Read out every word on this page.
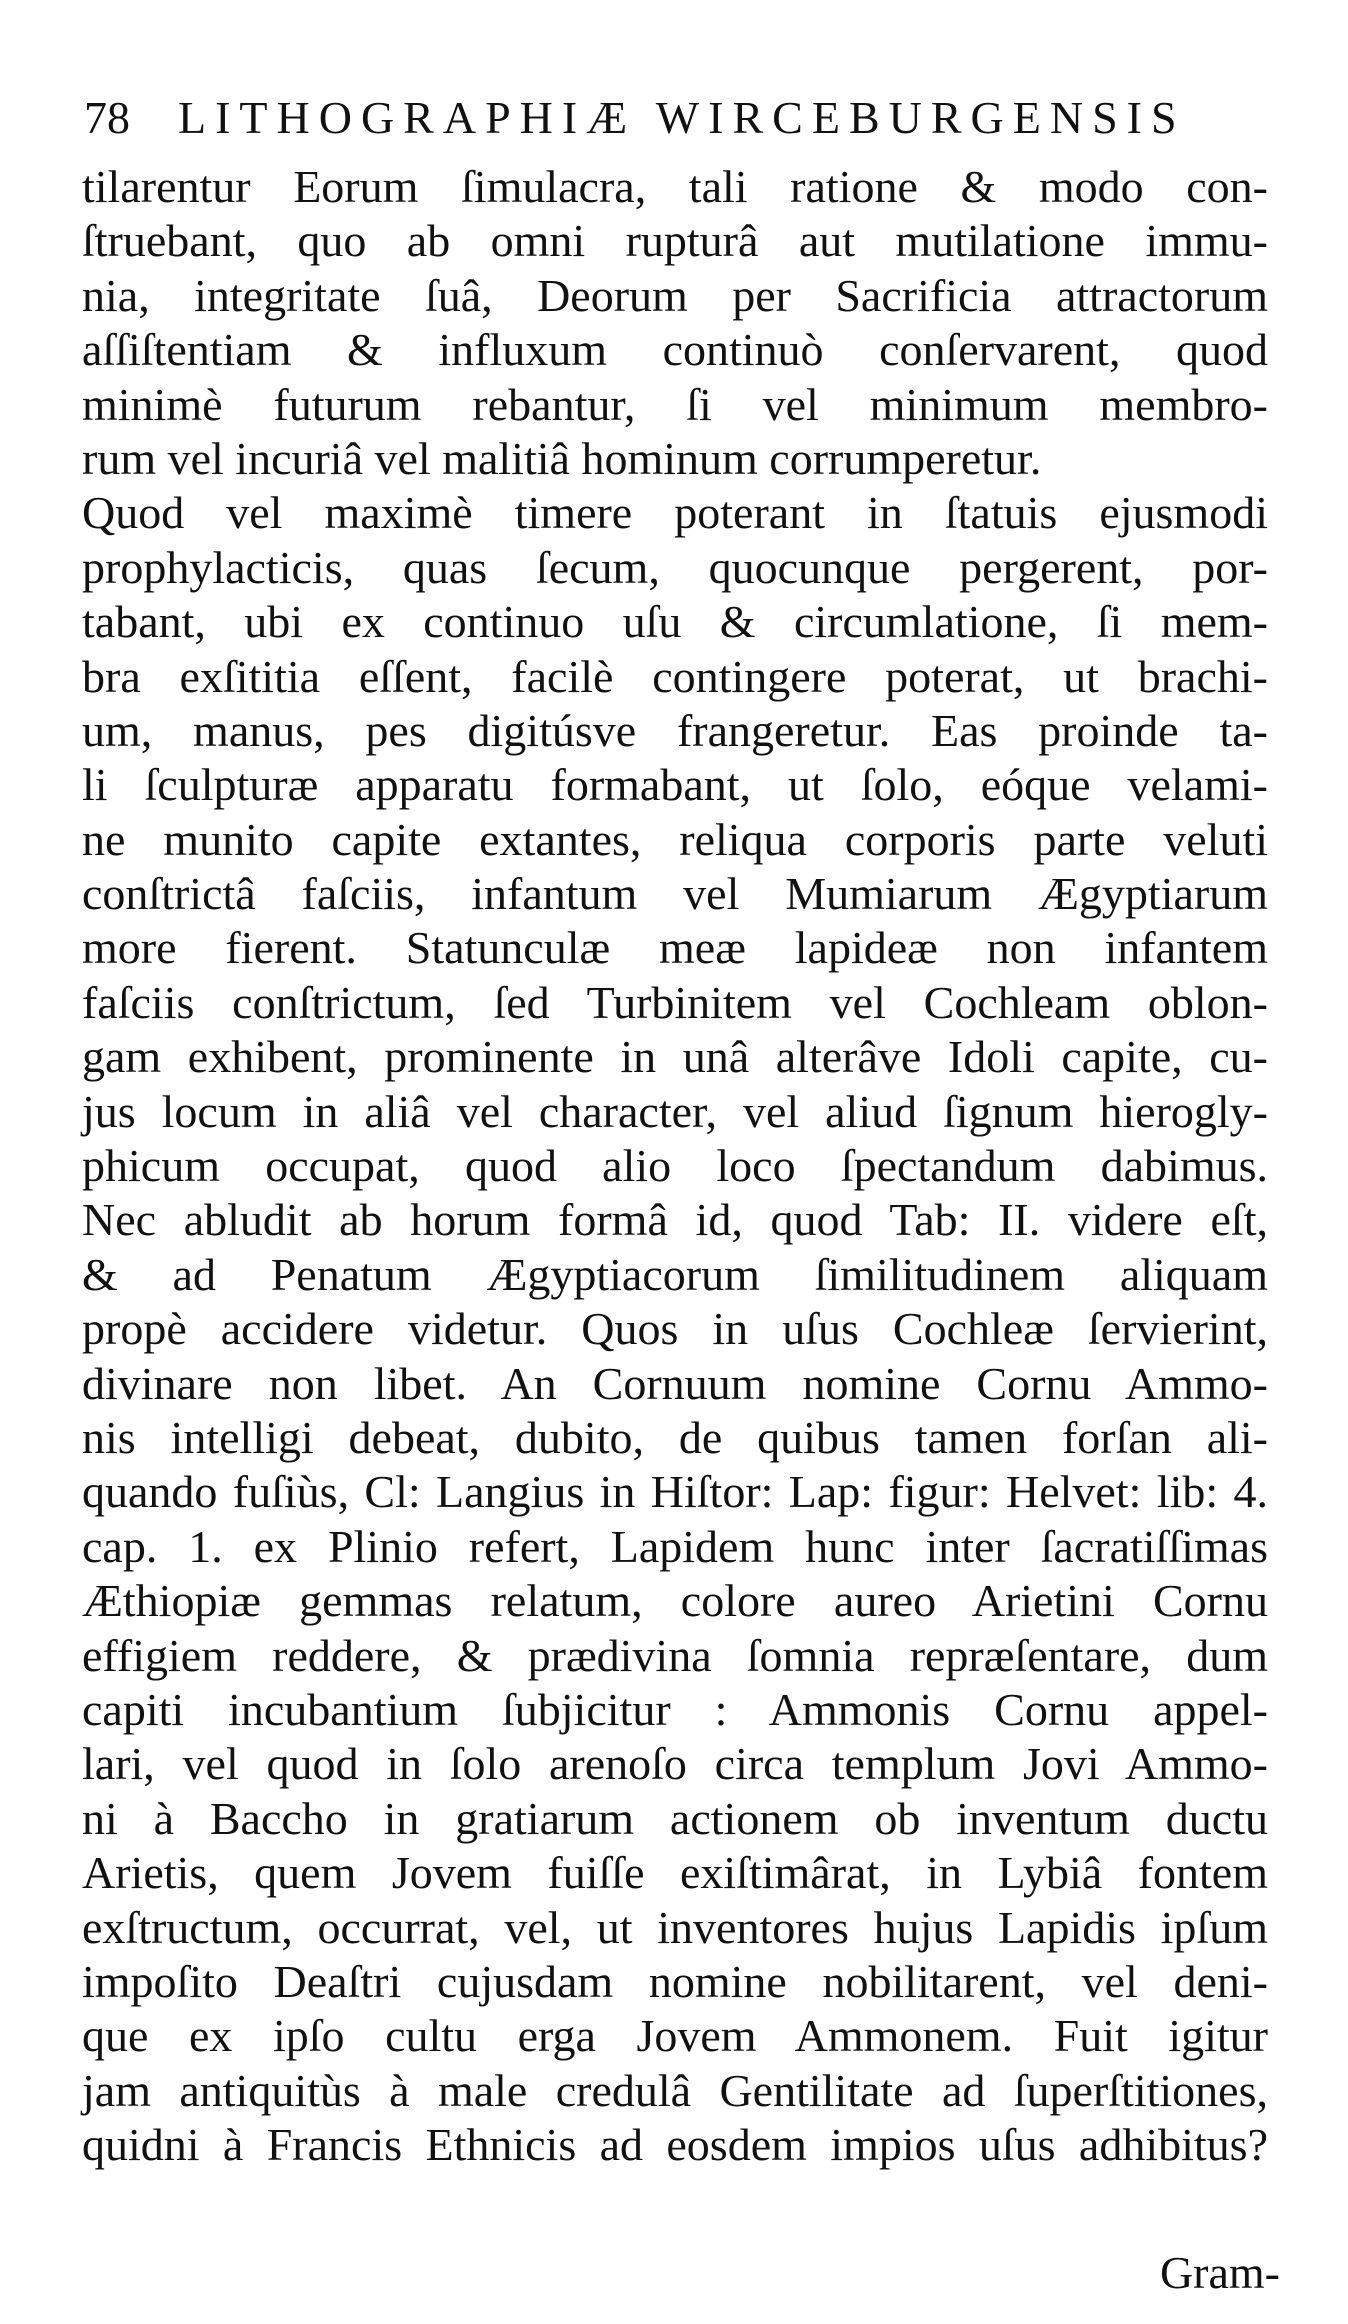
78 LITHOGRAPHIÆ WIRCEBURGENSIS
tilarentur Eorum ſimulacra, tali ratione & modo con-
ſtruebant, quo ab omni rupturâ aut mutilatione immu-
nia, integritate ſuâ, Deorum per Sacrificia attractorum
aſſiſtentiam & influxum continuò conſervarent, quod
minimè futurum rebantur, ſi vel minimum membro-
rum vel incuriâ vel malitiâ hominum corrumperetur.
Quod vel maximè timere poterant in ſtatuis ejusmodi
prophylacticis, quas ſecum, quocunque pergerent, por-
tabant, ubi ex continuo uſu & circumlatione, ſi mem-
bra exſititia eſſent, facilè contingere poterat, ut brachi-
um, manus, pes digitúsve frangeretur. Eas proinde ta-
li ſculpturæ apparatu formabant, ut ſolo, eóque velami-
ne munito capite extantes, reliqua corporis parte veluti
conſtrictâ faſciis, infantum vel Mumiarum Ægyptiarum
more fierent. Statunculæ meæ lapideæ non infantem
faſciis conſtrictum, ſed Turbinitem vel Cochleam oblon-
gam exhibent, prominente in unâ alterâve Idoli capite, cu-
jus locum in aliâ vel character, vel aliud ſignum hierogly-
phicum occupat, quod alio loco ſpectandum dabimus.
Nec abludit ab horum formâ id, quod Tab: II. videre eſt,
& ad Penatum Ægyptiacorum ſimilitudinem aliquam
propè accidere videtur. Quos in uſus Cochleæ ſervierint,
divinare non libet. An Cornuum nomine Cornu Ammo-
nis intelligi debeat, dubito, de quibus tamen forſan ali-
quando fuſiùs, Cl: Langius in Hiſtor: Lap: figur: Helvet: lib: 4.
cap. 1. ex Plinio refert, Lapidem hunc inter ſacratiſſimas
Æthiopiæ gemmas relatum, colore aureo Arietini Cornu
effigiem reddere, & prædivina ſomnia repræſentare, dum
capiti incubantium ſubjicitur : Ammonis Cornu appel-
lari, vel quod in ſolo arenoſo circa templum Jovi Ammo-
ni à Baccho in gratiarum actionem ob inventum ductu
Arietis, quem Jovem fuiſſe exiſtimârat, in Lybiâ fontem
exſtructum, occurrat, vel, ut inventores hujus Lapidis ipſum
impoſito Deaſtri cujusdam nomine nobilitarent, vel deni-
que ex ipſo cultu erga Jovem Ammonem. Fuit igitur
jam antiquitùs à male credulâ Gentilitate ad ſuperſtitiones,
quidni à Francis Ethnicis ad eosdem impios uſus adhibitus?
Gram-
